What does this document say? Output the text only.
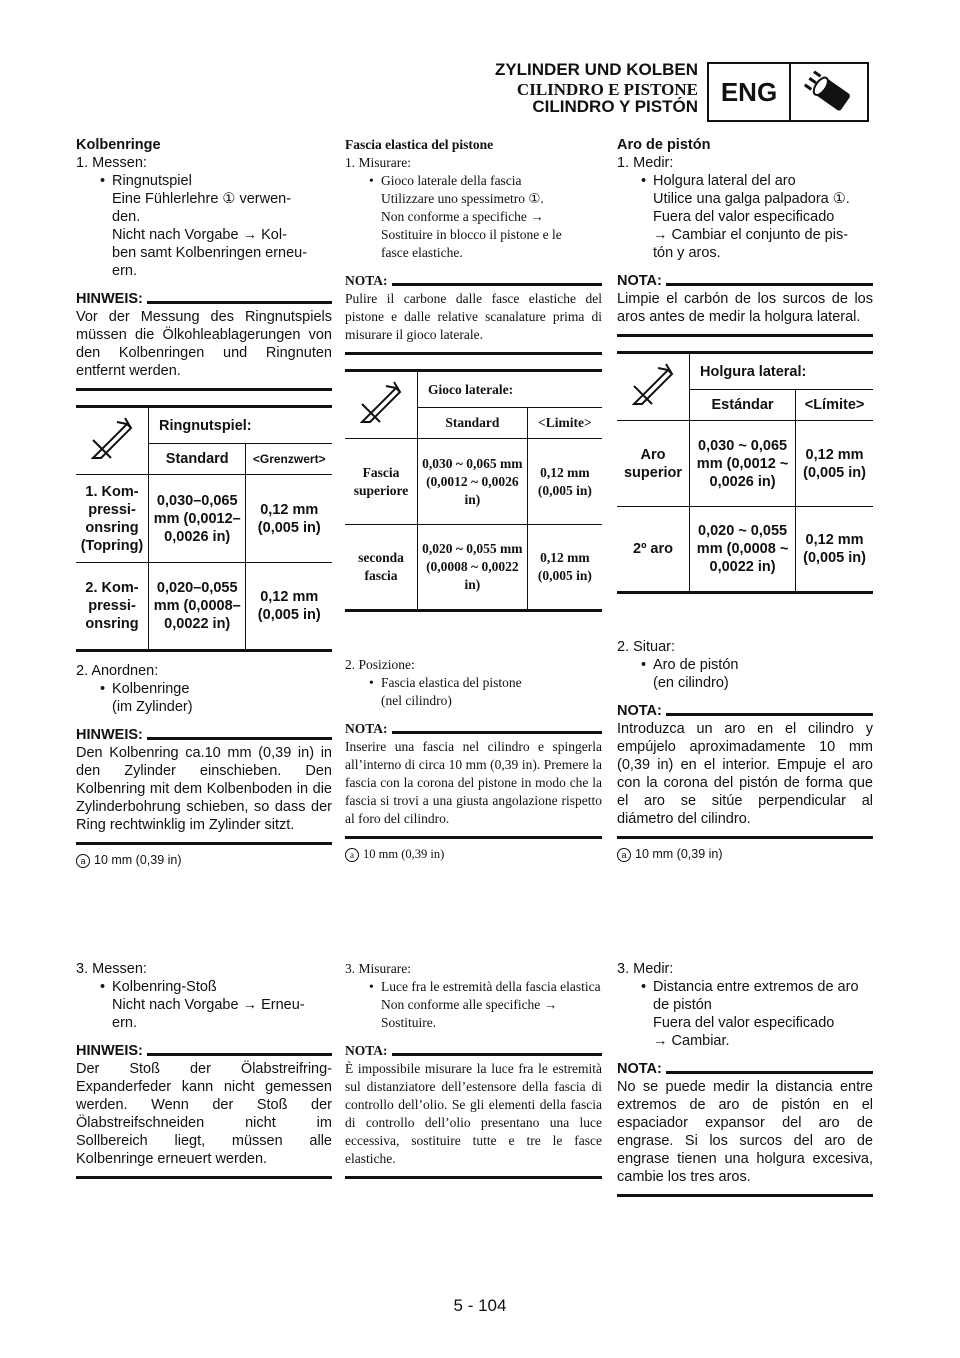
ZYLINDER UND KOLBEN
CILINDRO E PISTONE
CILINDRO Y PISTÓN ENG
Kolbenringe
1. Messen:
• Ringnutspiel
Eine Fühlerlehre ① verwen-
den.
Nicht nach Vorgabe → Kol-
ben samt Kolbenringen erneu-
ern.
HINWEIS:
Vor der Messung des Ringnutspiels müssen die Ölkohleablagerungen von den Kolbenringen und Ringnuten entfernt werden.
	Ringnutspiel:	
	Standard	<Grenzwert>
1. Kom-pressi-onsring (Topring)	0,030–0,065 mm (0,0012–0,0026 in)	0,12 mm (0,005 in)
2. Kom-pressi-onsring	0,020–0,055 mm (0,0008–0,0022 in)	0,12 mm (0,005 in)
2. Anordnen:
• Kolbenringe
(im Zylinder)
HINWEIS:
Den Kolbenring ca.10 mm (0,39 in) in den Zylinder einschieben. Den Kolbenring mit dem Kolbenboden in die Zylinderbohrung schieben, so dass der Ring rechtwinklig im Zylinder sitzt.
a 10 mm (0,39 in)
3. Messen:
• Kolbenring-Stoß
Nicht nach Vorgabe → Erneu-
ern.
HINWEIS:
Der Stoß der Ölabstreifring-Expanderfeder kann nicht gemessen werden. Wenn der Stoß der Ölabstreifschneiden nicht im Sollbereich liegt, müssen alle Kolbenringe erneuert werden.
Fascia elastica del pistone
1. Misurare:
• Gioco laterale della fascia
Utilizzare uno spessimetro ①.
Non conforme a specifiche →
Sostituire in blocco il pistone e le
fasce elastiche.
NOTA:
Pulire il carbone dalle fasce elastiche del pistone e dalle relative scanalature prima di misurare il gioco laterale.
	Gioco laterale:	
	Standard	<Limite>
Fascia superiore	0,030 ~ 0,065 mm (0,0012 ~ 0,0026 in)	0,12 mm (0,005 in)
seconda fascia	0,020 ~ 0,055 mm (0,0008 ~ 0,0022 in)	0,12 mm (0,005 in)
2. Posizione:
• Fascia elastica del pistone
(nel cilindro)
NOTA:
Inserire una fascia nel cilindro e spingerla all’interno di circa 10 mm (0,39 in). Premere la fascia con la corona del pistone in modo che la fascia si trovi a una giusta angolazione rispetto al foro del cilindro.
a 10 mm (0,39 in)
3. Misurare:
• Luce fra le estremità della fascia elastica
Non conforme alle specifiche →
Sostituire.
NOTA:
È impossibile misurare la luce fra le estremità sul distanziatore dell’estensore della fascia di controllo dell’olio. Se gli elementi della fascia di controllo dell’olio presentano una luce eccessiva, sostituire tutte e tre le fasce elastiche.
Aro de pistón
1. Medir:
• Holgura lateral del aro
Utilice una galga palpadora ①.
Fuera del valor especificado
→ Cambiar el conjunto de pis-
tón y aros.
NOTA:
Limpie el carbón de los surcos de los aros antes de medir la holgura lateral.
	Holgura lateral:	
	Estándar	<Límite>
Aro superior	0,030 ~ 0,065 mm (0,0012 ~ 0,0026 in)	0,12 mm (0,005 in)
2º aro	0,020 ~ 0,055 mm (0,0008 ~ 0,0022 in)	0,12 mm (0,005 in)
2. Situar:
• Aro de pistón
(en cilindro)
NOTA:
Introduzca un aro en el cilindro y empújelo aproximadamente 10 mm (0,39 in) en el interior. Empuje el aro con la corona del pistón de forma que el aro se sitúe perpendicular al diámetro del cilindro.
a 10 mm (0,39 in)
3. Medir:
• Distancia entre extremos de aro de pistón
Fuera del valor especificado
→ Cambiar.
NOTA:
No se puede medir la distancia entre extremos de aro de pistón en el espaciador expansor del aro de engrase. Si los surcos del aro de engrase tienen una holgura excesiva, cambie los tres aros.
5 - 104
